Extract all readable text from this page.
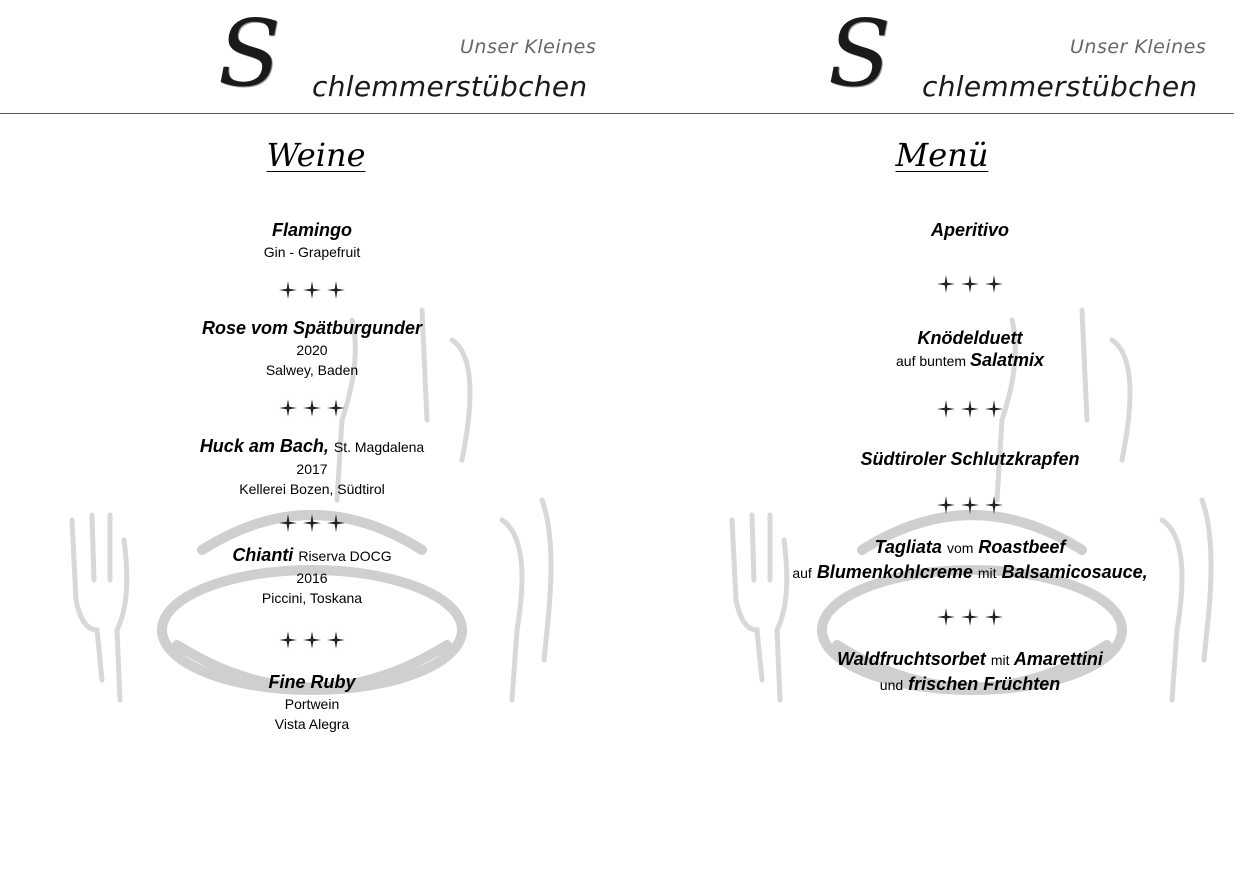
S	Unser Kleines
chlemmerstübchen
Weine
Flamingo
Gin - Grapefruit
Rose vom Spätburgunder
2020
Salwey, Baden
Huck am Bach, St. Magdalena
2017
Kellerei Bozen, Südtirol
Chianti Riserva DOCG
2016
Piccini, Toskana
Fine Ruby
Portwein
Vista Alegra
S	Unser Kleines
chlemmerstübchen
Menü
Aperitivo
Knödelduett
auf buntem Salatmix
Südtiroler Schlutzkrapfen
Tagliata vom Roastbeef
auf Blumenkohlcreme mit Balsamicosauce,
Waldfruchtsorbet mit Amarettini
und frischen Früchten
